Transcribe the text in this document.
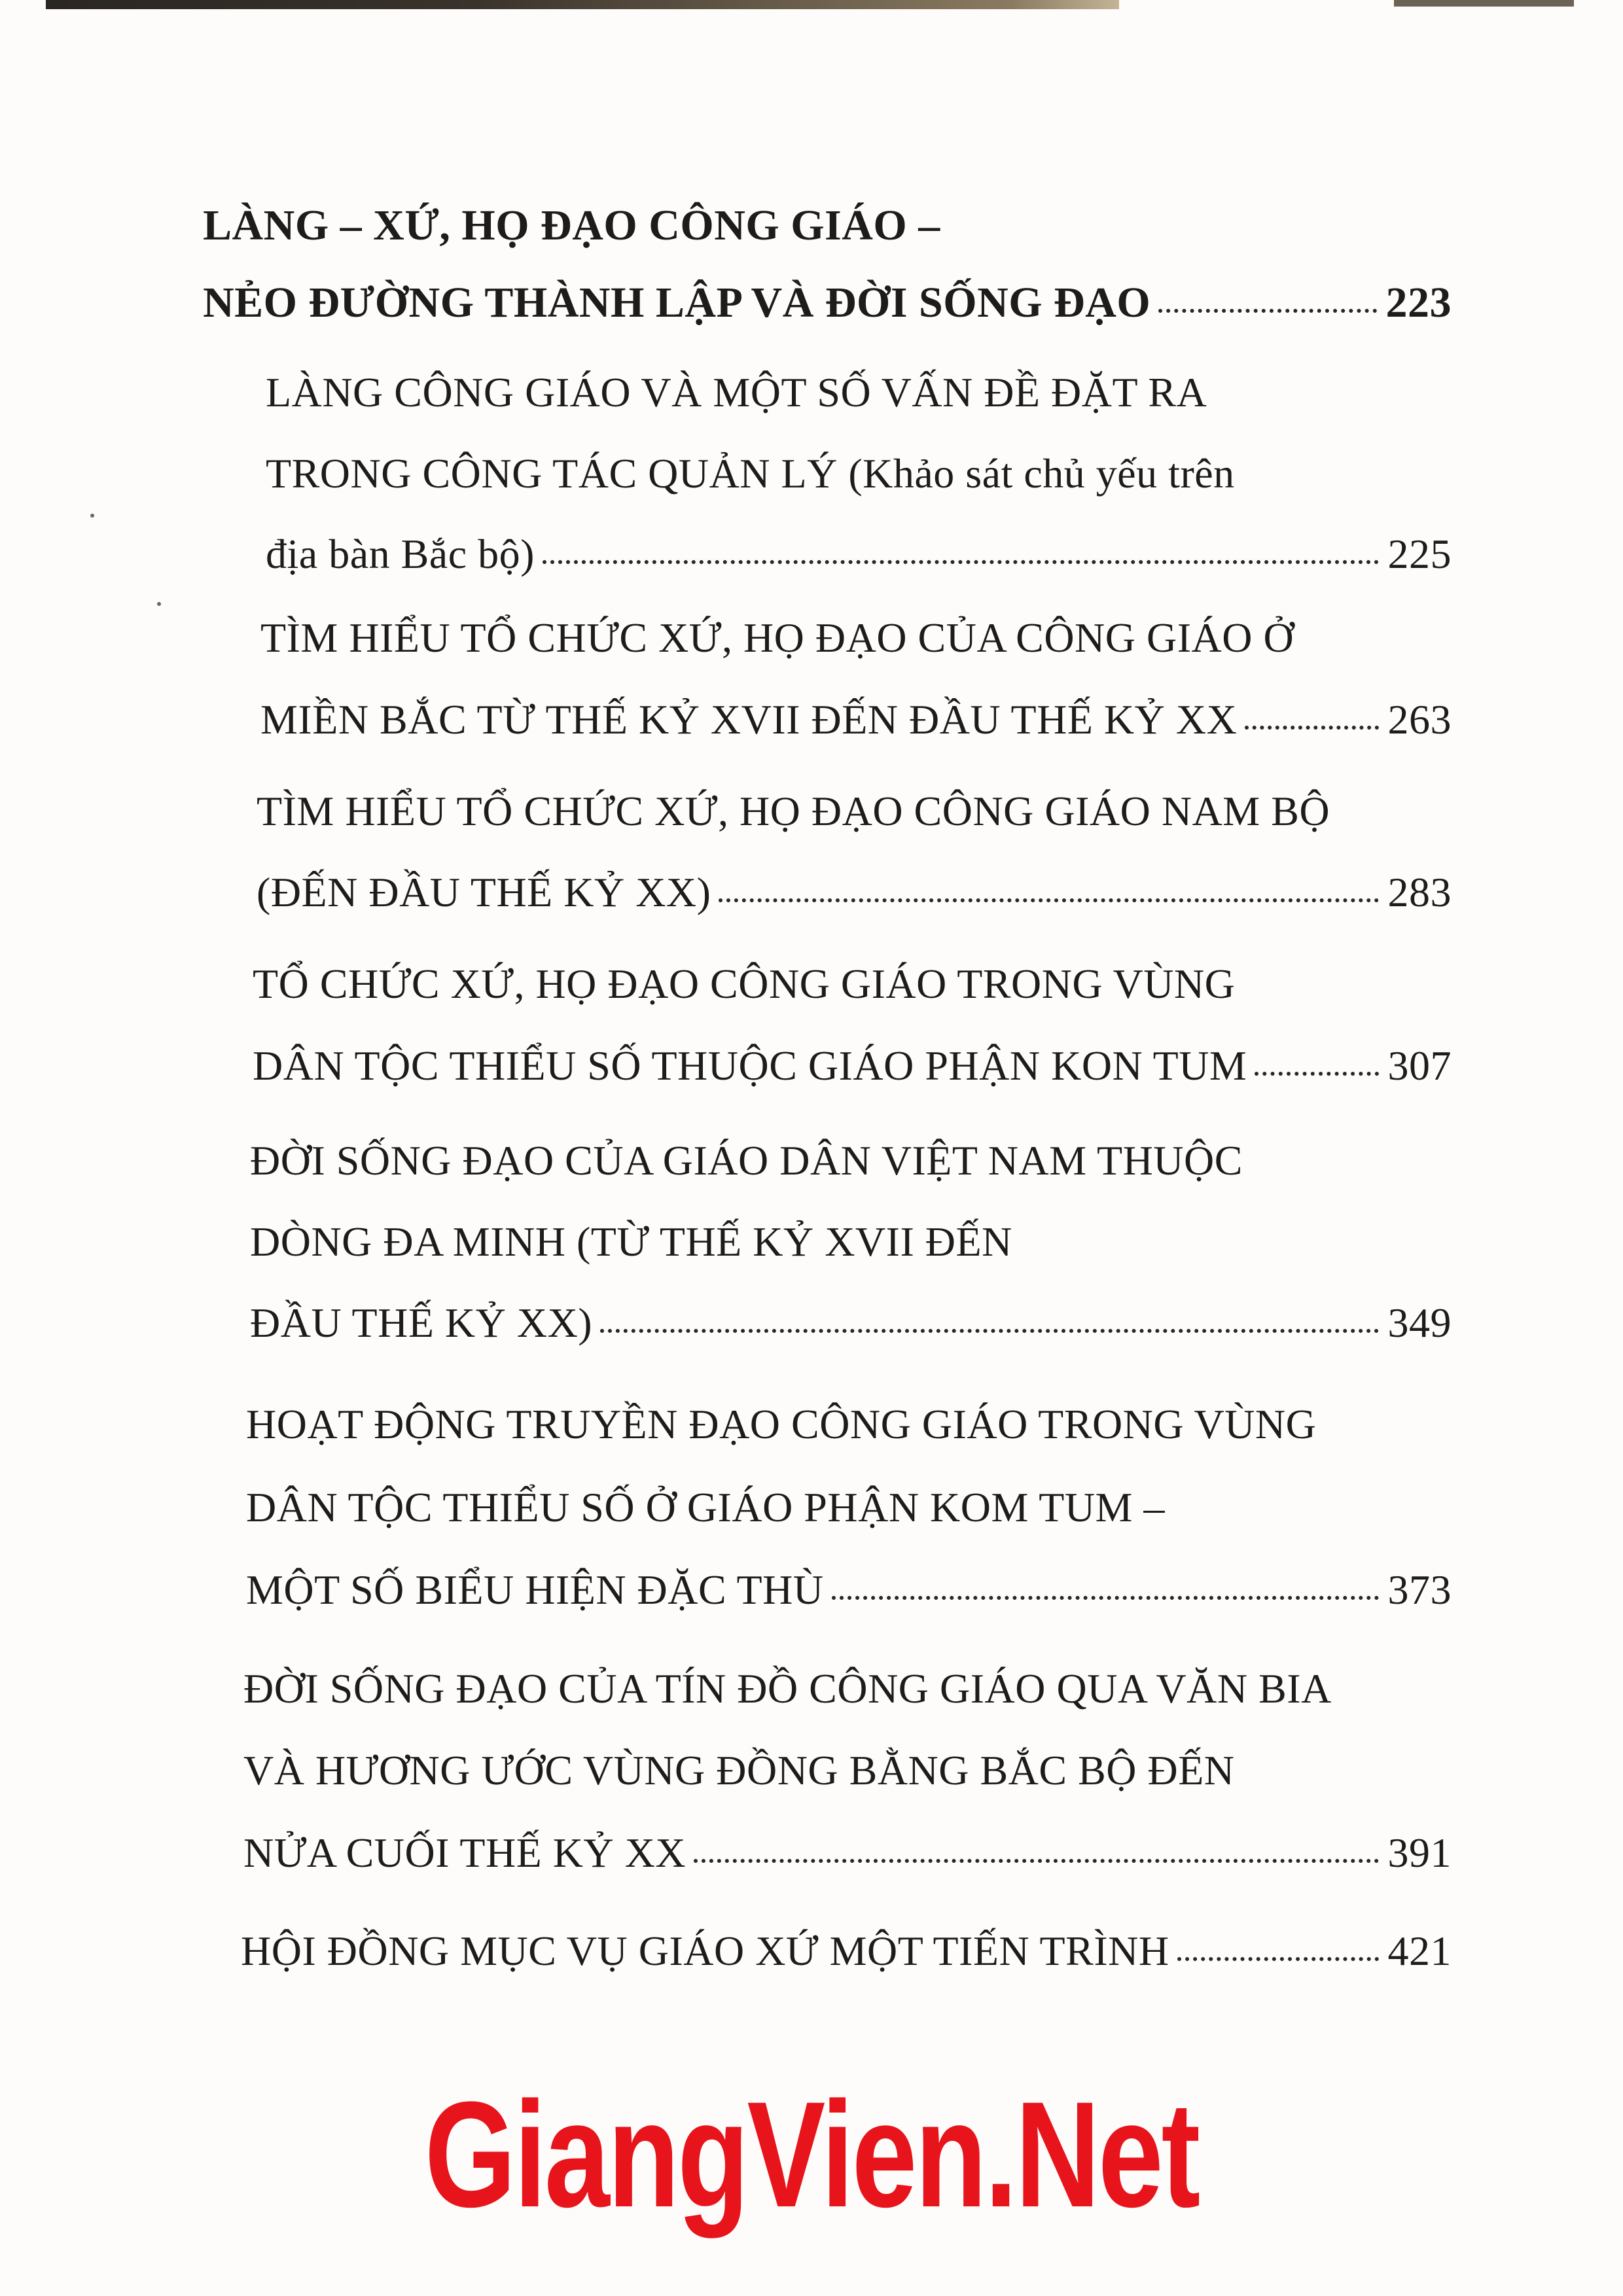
LÀNG – XỨ, HỌ ĐẠO CÔNG GIÁO –
NẺO ĐƯỜNG THÀNH LẬP VÀ ĐỜI SỐNG ĐẠO	223
LÀNG CÔNG GIÁO VÀ MỘT SỐ VẤN ĐỀ ĐẶT RA
TRONG CÔNG TÁC QUẢN LÝ (Khảo sát chủ yếu trên
địa bàn Bắc bộ)	225
TÌM HIỂU TỔ CHỨC XỨ, HỌ ĐẠO CỦA CÔNG GIÁO Ở
MIỀN BẮC TỪ THẾ KỶ XVII ĐẾN ĐẦU THẾ KỶ XX	263
TÌM HIỂU TỔ CHỨC XỨ, HỌ ĐẠO CÔNG GIÁO NAM BỘ
(ĐẾN ĐẦU THẾ KỶ XX)	283
TỔ CHỨC XỨ, HỌ ĐẠO CÔNG GIÁO TRONG VÙNG
DÂN TỘC THIỂU SỐ THUỘC GIÁO PHẬN KON TUM	307
ĐỜI SỐNG ĐẠO CỦA GIÁO DÂN VIỆT NAM THUỘC
DÒNG ĐA MINH (TỪ THẾ KỶ XVII ĐẾN
ĐẦU THẾ KỶ XX)	349
HOẠT ĐỘNG TRUYỀN ĐẠO CÔNG GIÁO TRONG VÙNG
DÂN TỘC THIỂU SỐ Ở GIÁO PHẬN KOM TUM –
MỘT SỐ BIỂU HIỆN ĐẶC THÙ	373
ĐỜI SỐNG ĐẠO CỦA TÍN ĐỒ CÔNG GIÁO QUA VĂN BIA
VÀ HƯƠNG ƯỚC VÙNG ĐỒNG BẰNG BẮC BỘ ĐẾN
NỬA CUỐI THẾ KỶ XX	391
HỘI ĐỒNG MỤC VỤ GIÁO XỨ MỘT TIẾN TRÌNH	421
GiangVien.Net
